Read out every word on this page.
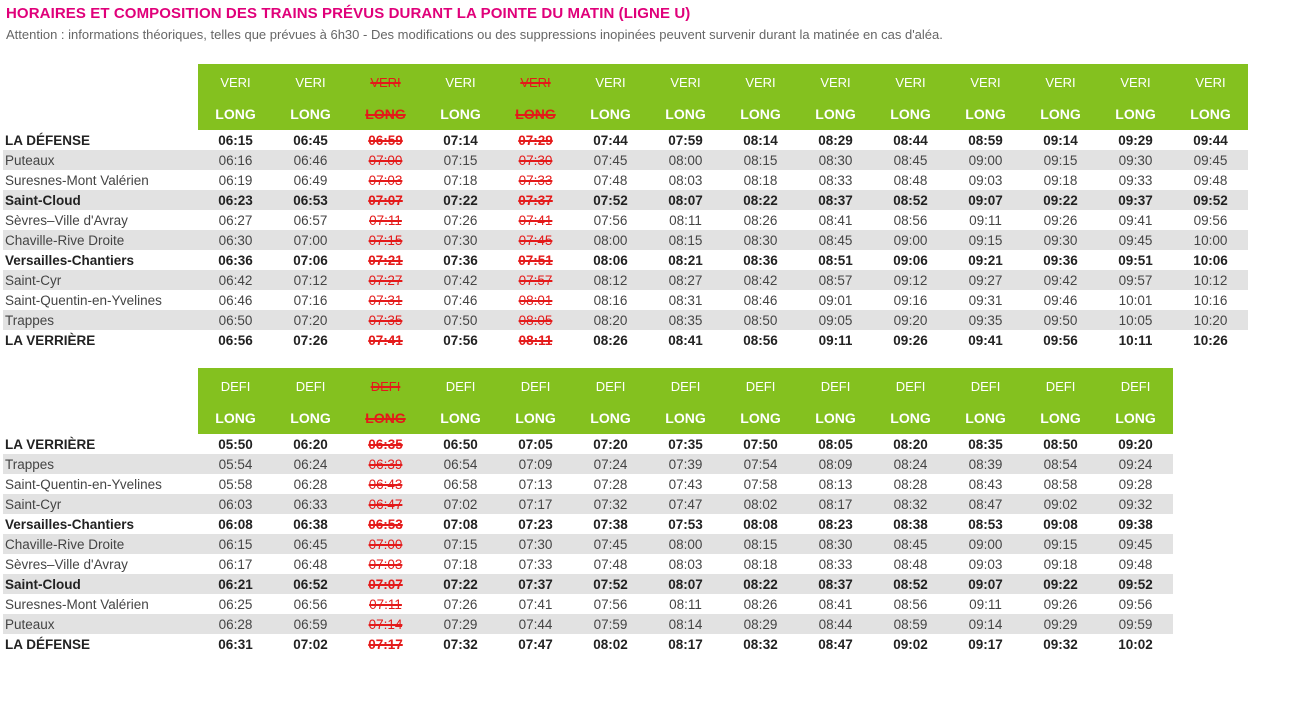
HORAIRES ET COMPOSITION DES TRAINS PRÉVUS DURANT LA POINTE DU MATIN (LIGNE U)
Attention : informations théoriques, telles que prévues à 6h30 - Des modifications ou des suppressions inopinées peuvent survenir durant la matinée en cas d'aléa.
	VERI	VERI	VERI	VERI	VERI	VERI	VERI	VERI	VERI	VERI	VERI	VERI	VERI	VERI
	LONG	LONG	LONG	LONG	LONG	LONG	LONG	LONG	LONG	LONG	LONG	LONG	LONG	LONG
LA DÉFENSE	06:15	06:45	06:59	07:14	07:29	07:44	07:59	08:14	08:29	08:44	08:59	09:14	09:29	09:44
Puteaux	06:16	06:46	07:00	07:15	07:30	07:45	08:00	08:15	08:30	08:45	09:00	09:15	09:30	09:45
Suresnes-Mont Valérien	06:19	06:49	07:03	07:18	07:33	07:48	08:03	08:18	08:33	08:48	09:03	09:18	09:33	09:48
Saint-Cloud	06:23	06:53	07:07	07:22	07:37	07:52	08:07	08:22	08:37	08:52	09:07	09:22	09:37	09:52
Sèvres–Ville d'Avray	06:27	06:57	07:11	07:26	07:41	07:56	08:11	08:26	08:41	08:56	09:11	09:26	09:41	09:56
Chaville-Rive Droite	06:30	07:00	07:15	07:30	07:45	08:00	08:15	08:30	08:45	09:00	09:15	09:30	09:45	10:00
Versailles-Chantiers	06:36	07:06	07:21	07:36	07:51	08:06	08:21	08:36	08:51	09:06	09:21	09:36	09:51	10:06
Saint-Cyr	06:42	07:12	07:27	07:42	07:57	08:12	08:27	08:42	08:57	09:12	09:27	09:42	09:57	10:12
Saint-Quentin-en-Yvelines	06:46	07:16	07:31	07:46	08:01	08:16	08:31	08:46	09:01	09:16	09:31	09:46	10:01	10:16
Trappes	06:50	07:20	07:35	07:50	08:05	08:20	08:35	08:50	09:05	09:20	09:35	09:50	10:05	10:20
LA VERRIÈRE	06:56	07:26	07:41	07:56	08:11	08:26	08:41	08:56	09:11	09:26	09:41	09:56	10:11	10:26
	DEFI	DEFI	DEFI	DEFI	DEFI	DEFI	DEFI	DEFI	DEFI	DEFI	DEFI	DEFI	DEFI
	LONG	LONG	LONG	LONG	LONG	LONG	LONG	LONG	LONG	LONG	LONG	LONG	LONG
LA VERRIÈRE	05:50	06:20	06:35	06:50	07:05	07:20	07:35	07:50	08:05	08:20	08:35	08:50	09:20
Trappes	05:54	06:24	06:39	06:54	07:09	07:24	07:39	07:54	08:09	08:24	08:39	08:54	09:24
Saint-Quentin-en-Yvelines	05:58	06:28	06:43	06:58	07:13	07:28	07:43	07:58	08:13	08:28	08:43	08:58	09:28
Saint-Cyr	06:03	06:33	06:47	07:02	07:17	07:32	07:47	08:02	08:17	08:32	08:47	09:02	09:32
Versailles-Chantiers	06:08	06:38	06:53	07:08	07:23	07:38	07:53	08:08	08:23	08:38	08:53	09:08	09:38
Chaville-Rive Droite	06:15	06:45	07:00	07:15	07:30	07:45	08:00	08:15	08:30	08:45	09:00	09:15	09:45
Sèvres–Ville d'Avray	06:17	06:48	07:03	07:18	07:33	07:48	08:03	08:18	08:33	08:48	09:03	09:18	09:48
Saint-Cloud	06:21	06:52	07:07	07:22	07:37	07:52	08:07	08:22	08:37	08:52	09:07	09:22	09:52
Suresnes-Mont Valérien	06:25	06:56	07:11	07:26	07:41	07:56	08:11	08:26	08:41	08:56	09:11	09:26	09:56
Puteaux	06:28	06:59	07:14	07:29	07:44	07:59	08:14	08:29	08:44	08:59	09:14	09:29	09:59
LA DÉFENSE	06:31	07:02	07:17	07:32	07:47	08:02	08:17	08:32	08:47	09:02	09:17	09:32	10:02
